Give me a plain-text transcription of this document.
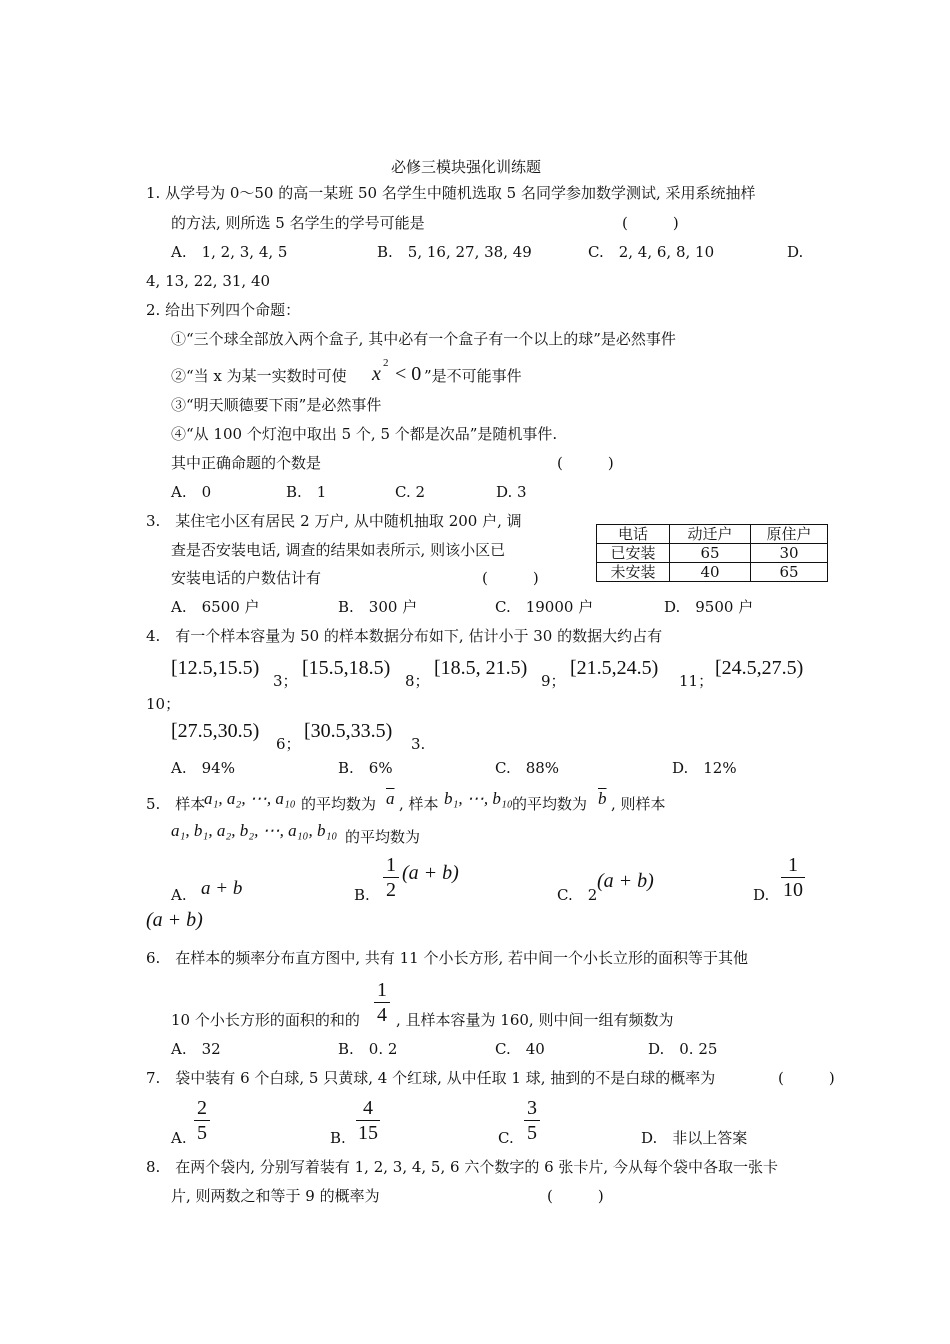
必修三模块强化训练题
1. 从学号为 0～50 的高一某班 50 名学生中随机选取 5 名同学参加数学测试, 采用系统抽样
的方法, 则所选 5 名学生的学号可能是	(　　　)
A.　1, 2, 3, 4, 5	B.　5, 16, 27, 38, 49	C.　2, 4, 6, 8, 10	D.
4, 13, 22, 31, 40
2. 给出下列四个命题：
①“三个球全部放入两个盒子, 其中必有一个盒子有一个以上的球”是必然事件
②“当 x 为某一实数时可使 x 2 < 0 ”是不可能事件
③“明天顺德要下雨”是必然事件
④“从 100 个灯泡中取出 5 个, 5 个都是次品”是随机事件.
其中正确命题的个数是	(　　　)
A.　0	B.　1	C. 2	D. 3
3.　某住宅小区有居民 2 万户, 从中随机抽取 200 户, 调
查是否安装电话, 调查的结果如表所示, 则该小区已
安装电话的户数估计有	(　　　)
电话	动迁户	原住户
已安装	65	30
未安装	40	65
A.　6500 户	B.　300 户	C.　19000 户	D.　9500 户
4.　有一个样本容量为 50 的样本数据分布如下, 估计小于 30 的数据大约占有
[12.5,15.5)
3；
[15.5,18.5)
8；
[18.5, 21.5)
9；
[21.5,24.5)
11；
[24.5,27.5)
10；
[27.5,30.5)
6；
[30.5,33.5)
3.
A.　94%	B.　6%	C.　88%	D.　12%
5.　样本
a₁, a₂, ⋯, a₁₀ 的平均数为 $\overline{a}$ , 样本 b₁, ⋯, b₁₀ 的平均数为 $\overline{b}$ , 则样本
a₁, b₁, a₂, b₂, ⋯, a₁₀, b₁₀ 的平均数为
A. a + b	B.
1
2
(a + b)
C.　2
(a + b)
D.
1
10
(a + b)
6.　在样本的频率分布直方图中, 共有 11 个小长方形, 若中间一个小长立形的面积等于其他
10 个小长方形的面积的和的
1
4 , 且样本容量为 160, 则中间一组有频数为
A.　32	B.　0. 2	C.　40	D.　0. 25
7.　袋中装有 6 个白球, 5 只黄球, 4 个红球, 从中任取 1 球, 抽到的不是白球的概率为	(　　　)
A.
2
5	B.
4
15	C.
3
5	D.　非以上答案
8.　在两个袋内, 分别写着装有 1, 2, 3, 4, 5, 6 六个数字的 6 张卡片, 今从每个袋中各取一张卡
片, 则两数之和等于 9 的概率为	(　　　)
